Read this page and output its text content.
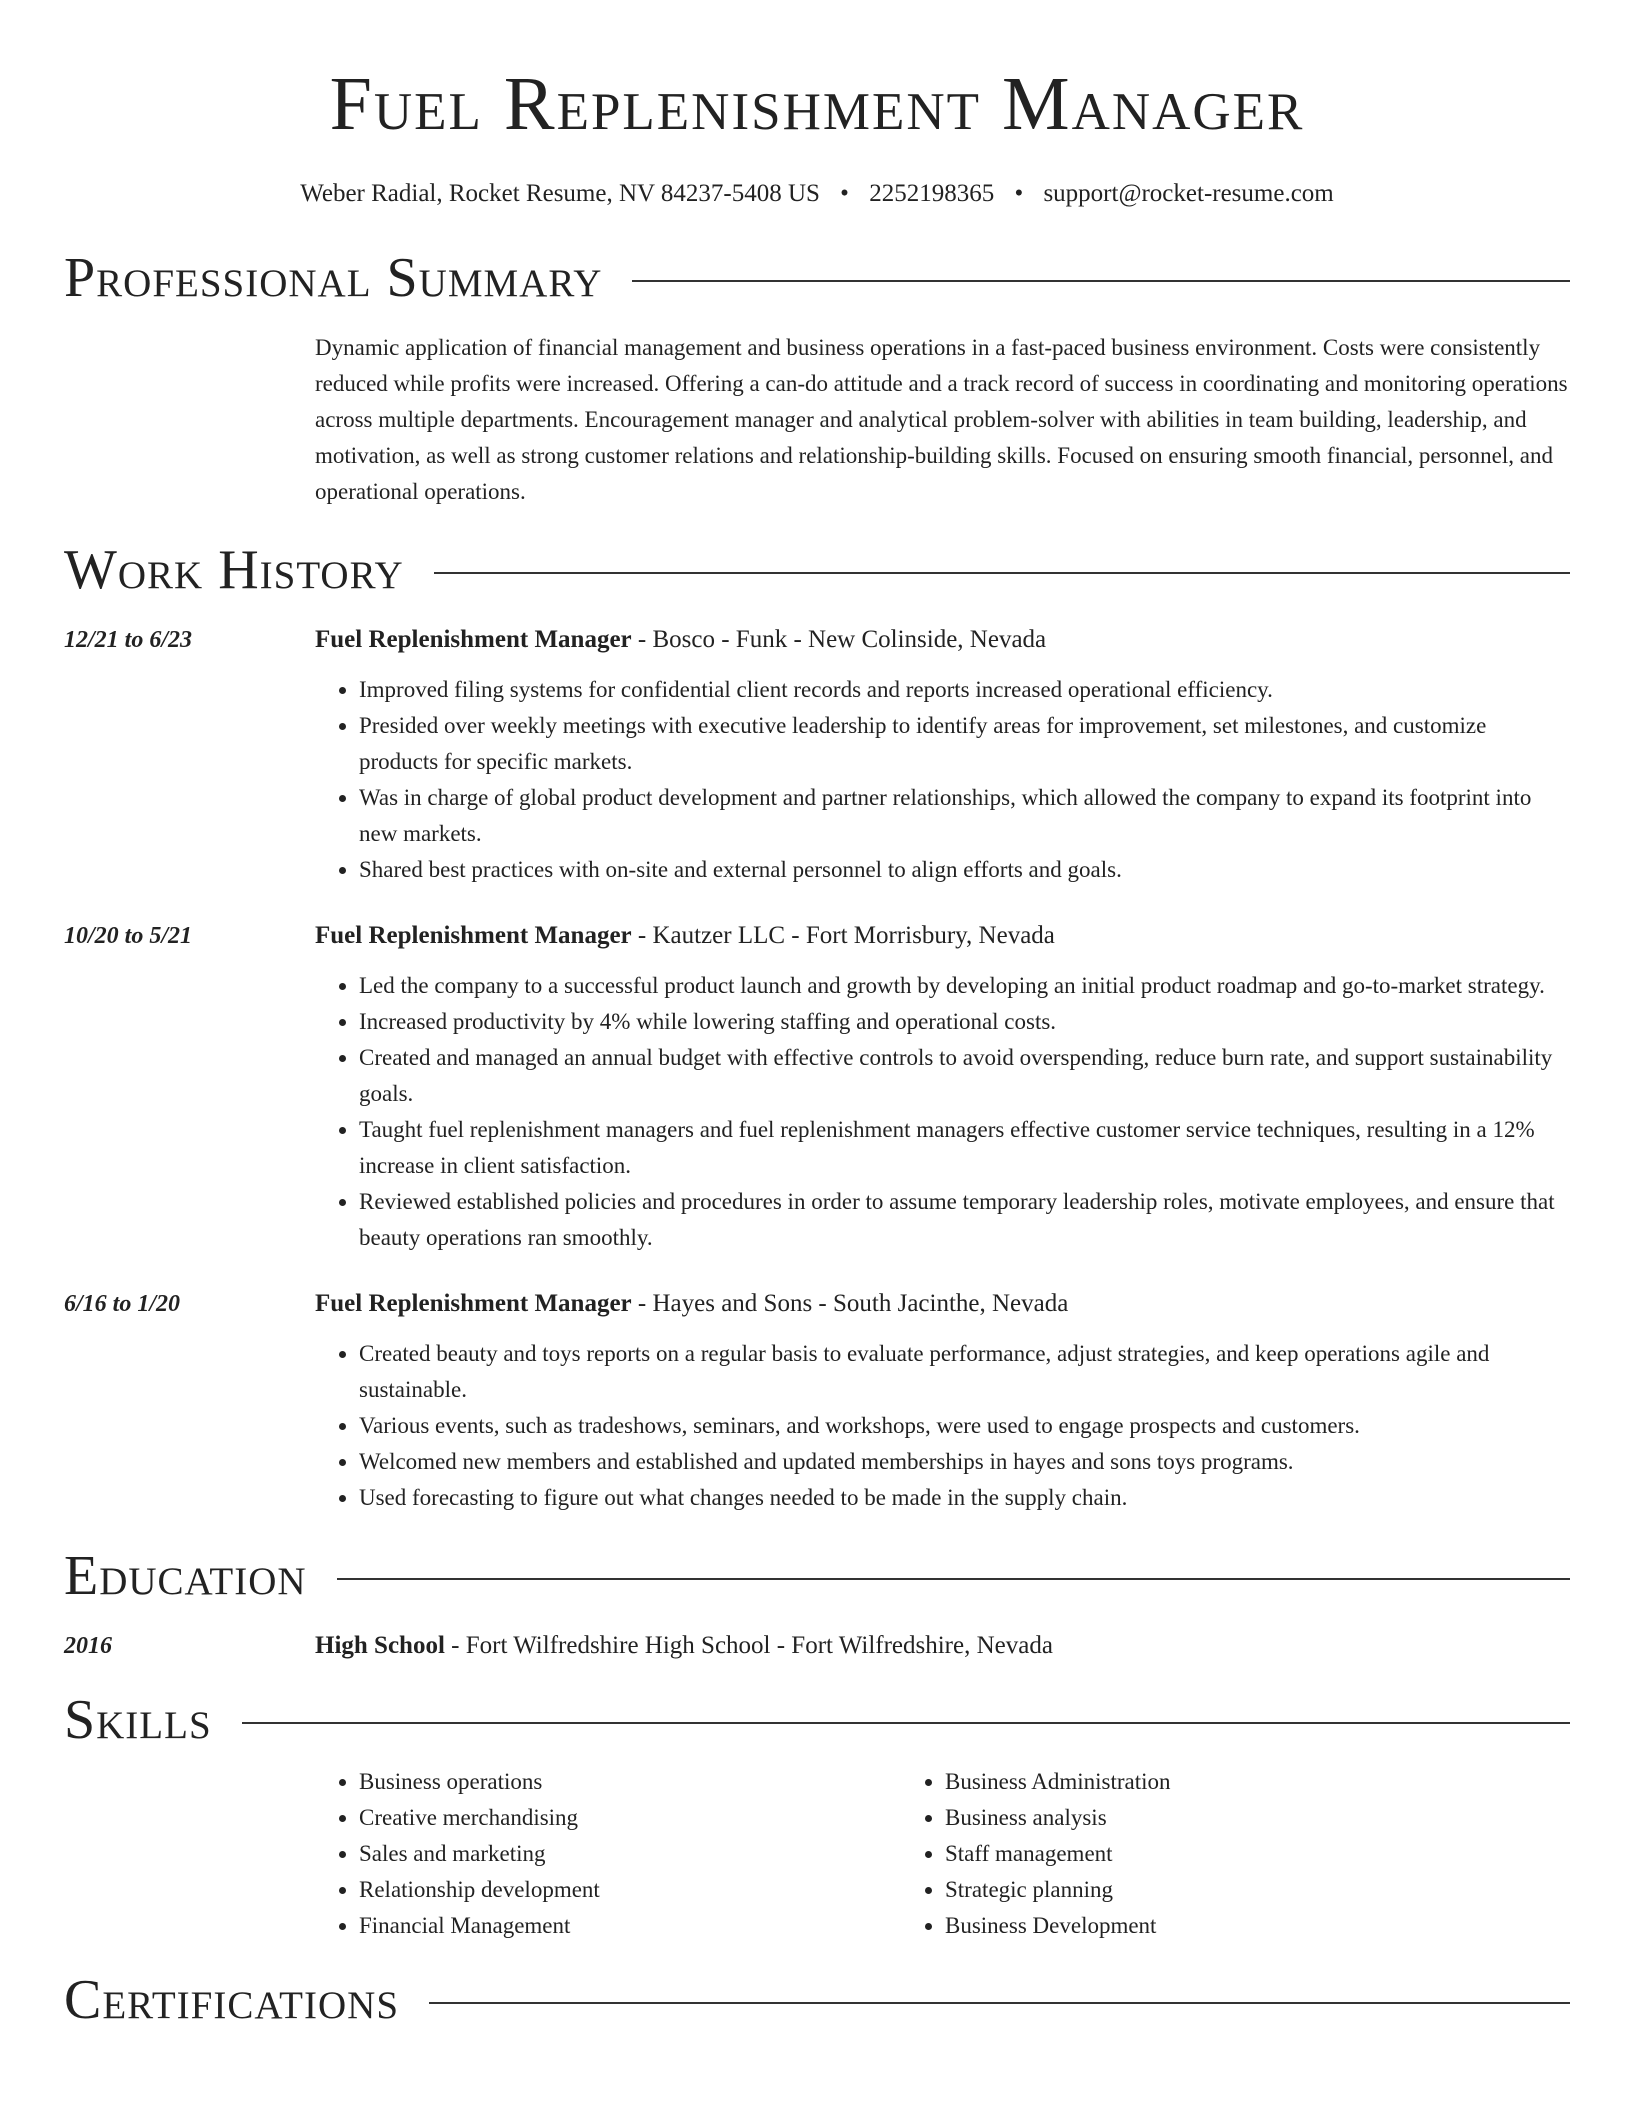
Fuel Replenishment Manager
Weber Radial, Rocket Resume, NV 84237-5408 US • 2252198365 • support@rocket-resume.com
Professional Summary
Dynamic application of financial management and business operations in a fast-paced business environment. Costs were consistently reduced while profits were increased. Offering a can-do attitude and a track record of success in coordinating and monitoring operations across multiple departments. Encouragement manager and analytical problem-solver with abilities in team building, leadership, and motivation, as well as strong customer relations and relationship-building skills. Focused on ensuring smooth financial, personnel, and operational operations.
Work History
12/21 to 6/23	Fuel Replenishment Manager - Bosco - Funk - New Colinside, Nevada
• Improved filing systems for confidential client records and reports increased operational efficiency.
• Presided over weekly meetings with executive leadership to identify areas for improvement, set milestones, and customize products for specific markets.
• Was in charge of global product development and partner relationships, which allowed the company to expand its footprint into new markets.
• Shared best practices with on-site and external personnel to align efforts and goals.
10/20 to 5/21	Fuel Replenishment Manager - Kautzer LLC - Fort Morrisbury, Nevada
• Led the company to a successful product launch and growth by developing an initial product roadmap and go-to-market strategy.
• Increased productivity by 4% while lowering staffing and operational costs.
• Created and managed an annual budget with effective controls to avoid overspending, reduce burn rate, and support sustainability goals.
• Taught fuel replenishment managers and fuel replenishment managers effective customer service techniques, resulting in a 12% increase in client satisfaction.
• Reviewed established policies and procedures in order to assume temporary leadership roles, motivate employees, and ensure that beauty operations ran smoothly.
6/16 to 1/20	Fuel Replenishment Manager - Hayes and Sons - South Jacinthe, Nevada
• Created beauty and toys reports on a regular basis to evaluate performance, adjust strategies, and keep operations agile and sustainable.
• Various events, such as tradeshows, seminars, and workshops, were used to engage prospects and customers.
• Welcomed new members and established and updated memberships in hayes and sons toys programs.
• Used forecasting to figure out what changes needed to be made in the supply chain.
Education
2016	High School - Fort Wilfredshire High School - Fort Wilfredshire, Nevada
Skills
• Business operations
• Creative merchandising
• Sales and marketing
• Relationship development
• Financial Management
• Business Administration
• Business analysis
• Staff management
• Strategic planning
• Business Development
Certifications
